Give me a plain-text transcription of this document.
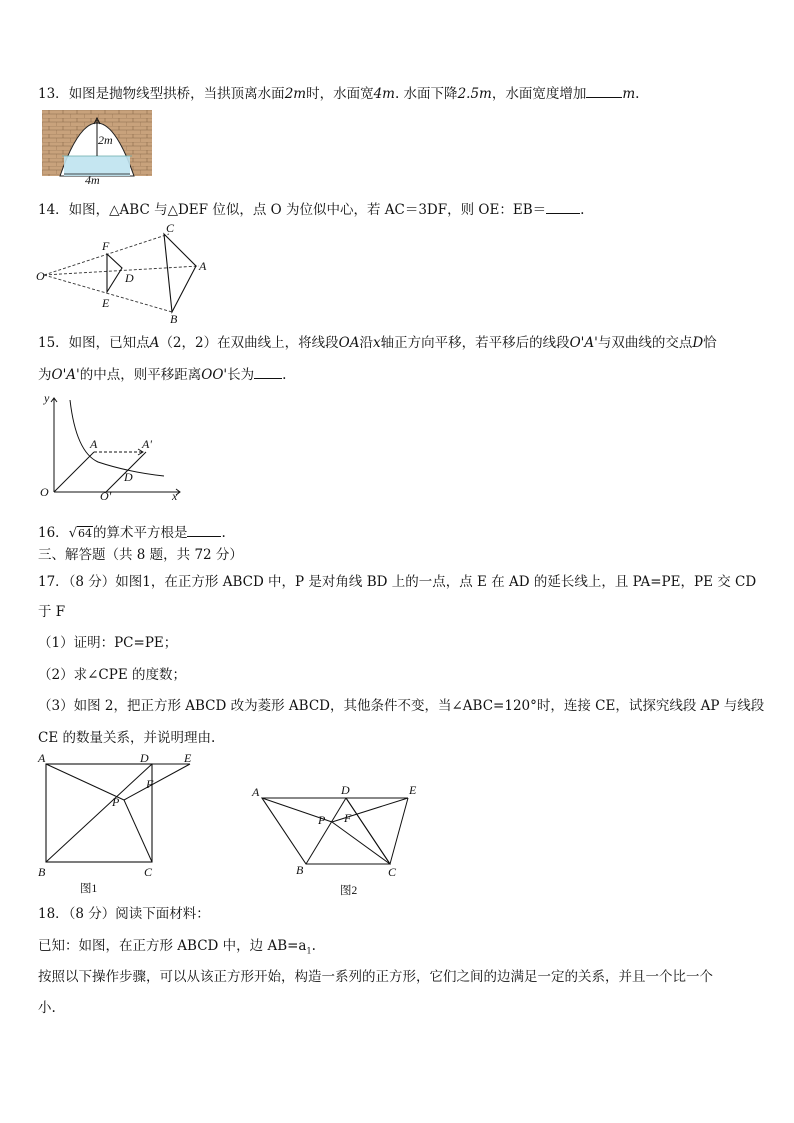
13．如图是抛物线型拱桥，当拱顶离水面2m时，水面宽4m. 水面下降2.5m，水面宽度增加	m.
2m
4m
14．如图，△ABC 与△DEF 位似，点 O 为位似中心，若 AC＝3DF，则 OE：EB＝	.
C
F
O	D
A
E
B
15．如图，已知点A（2，2）在双曲线上，将线段OA沿x轴正方向平移，若平移后的线段O'A'与双曲线的交点D恰
为O'A'的中点，则平移距离OO'长为 .
y
A	A'
D
O	O'	x
16．√64的算术平方根是	.
三、解答题（共 8 题，共 72 分）
17．（8 分）如图1，在正方形 ABCD 中，P 是对角线 BD 上的一点，点 E 在 AD 的延长线上，且 PA=PE，PE 交 CD
于 F
（1）证明：PC=PE；
（2）求∠CPE 的度数；
（3）如图 2，把正方形 ABCD 改为菱形 ABCD，其他条件不变，当∠ABC=120°时，连接 CE，试探究线段 AP 与线段
CE 的数量关系，并说明理由.
A	D	E
F
P
B	C
图1
A	D	E
P F
B	C
图2
18．（8 分）阅读下面材料：
已知：如图，在正方形 ABCD 中，边 $AB=a_1$.
按照以下操作步骤，可以从该正方形开始，构造一系列的正方形，它们之间的边满足一定的关系，并且一个比一个
小.
